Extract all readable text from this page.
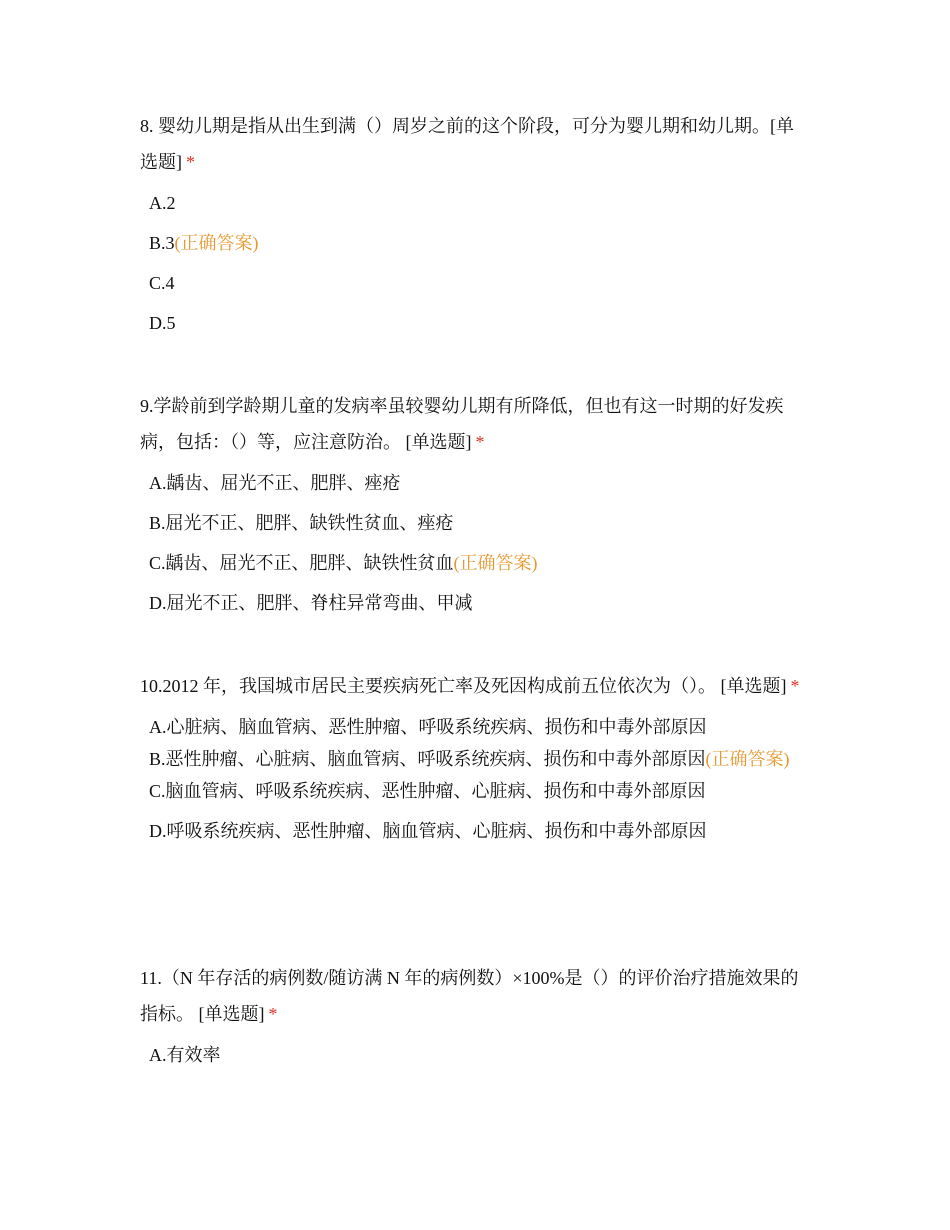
8. 婴幼儿期是指从出生到满（）周岁之前的这个阶段，可分为婴儿期和幼儿期。[单选题] *

A.2
B.3(正确答案)
C.4
D.5

9.学龄前到学龄期儿童的发病率虽较婴幼儿期有所降低，但也有这一时期的好发疾病，包括：（）等，应注意防治。 [单选题] *

A.龋齿、屈光不正、肥胖、痤疮
B.屈光不正、肥胖、缺铁性贫血、痤疮
C.龋齿、屈光不正、肥胖、缺铁性贫血(正确答案)
D.屈光不正、肥胖、脊柱异常弯曲、甲减

10.2012 年，我国城市居民主要疾病死亡率及死因构成前五位依次为（）。 [单选题] *

A.心脏病、脑血管病、恶性肿瘤、呼吸系统疾病、损伤和中毒外部原因
B.恶性肿瘤、心脏病、脑血管病、呼吸系统疾病、损伤和中毒外部原因(正确答案)
C.脑血管病、呼吸系统疾病、恶性肿瘤、心脏病、损伤和中毒外部原因
D.呼吸系统疾病、恶性肿瘤、脑血管病、心脏病、损伤和中毒外部原因

11.（N 年存活的病例数/随访满 N 年的病例数）×100%是（）的评价治疗措施效果的指标。 [单选题] *

A.有效率
